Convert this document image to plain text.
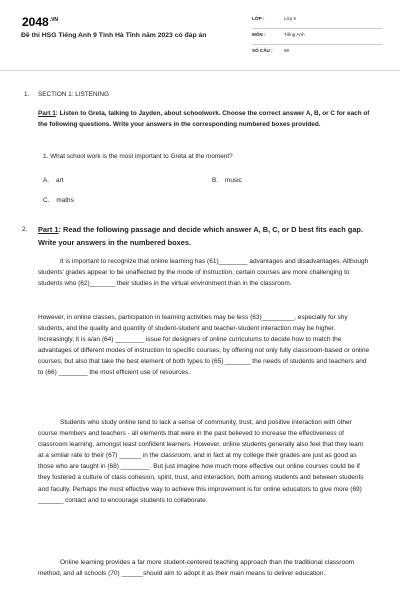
$2048^{.VN}$
Đề thi HSG Tiếng Anh 9 Tỉnh Hà Tĩnh năm 2023 có đáp án
LỚP :	Lớp 9
MÔN :	Tiếng Anh
SỐ CÂU : 99
1. SECTION 1: LISTENING
Part 1: Listen to Greta, talking to Jayden, about schoolwork. Choose the correct answer A, B, or C for each of the following questions. Write your answers in the corresponding numbered boxes provided.
1. What school work is the most important to Greta at the moment?
A. art	B. music
C. maths
2. Part 1: Read the following passage and decide which answer A, B, C, or D best fits each gap. Write your answers in the numbered boxes.
It is important to recognize that online learning has (61)________ advantages and disadvantages. Although students' grades appear to be unaffected by the mode of instruction, certain courses are more challenging to students who (62)_______ their studies in the virtual environment than in the classroom.
However, in online classes, participation in learning activities may be less (63)_________, especially for shy students, and the quality and quantity of student-student and teacher-student interaction may be higher. Increasingly, it is a/an (64) ________ issue for designers of online curriculums to decide how to match the advantages of different modes of instruction to specific courses, by offering not only fully classroom-based or online courses; but also that take the best element of both types to (65) _______ the needs of students and teachers and to (66) ________ the most efficient use of resources.
Students who study online tend to lack a sense of community, trust, and positive interaction with other course members and teachers - all elements that were in the past believed to increase the effectiveness of classroom learning, amongst least confident learners. However, online students generally also feel that they learn at a similar rate to their (67) ______ in the classroom, and in fact at my college their grades are just as good as those who are taught in (68) ________. But just imagine how much more effective our online courses could be if they fostered a culture of class cohesion, spirit, trust, and interaction, both among students and between students and faculty. Perhaps the most effective way to achieve this improvement is for online educators to give more (69) _______ contact and to encourage students to collaborate.
Online learning provides a far more student-centered teaching approach than the traditional classroom method, and all schools (70) ______should aim to adopt it as their main means to deliver education.
